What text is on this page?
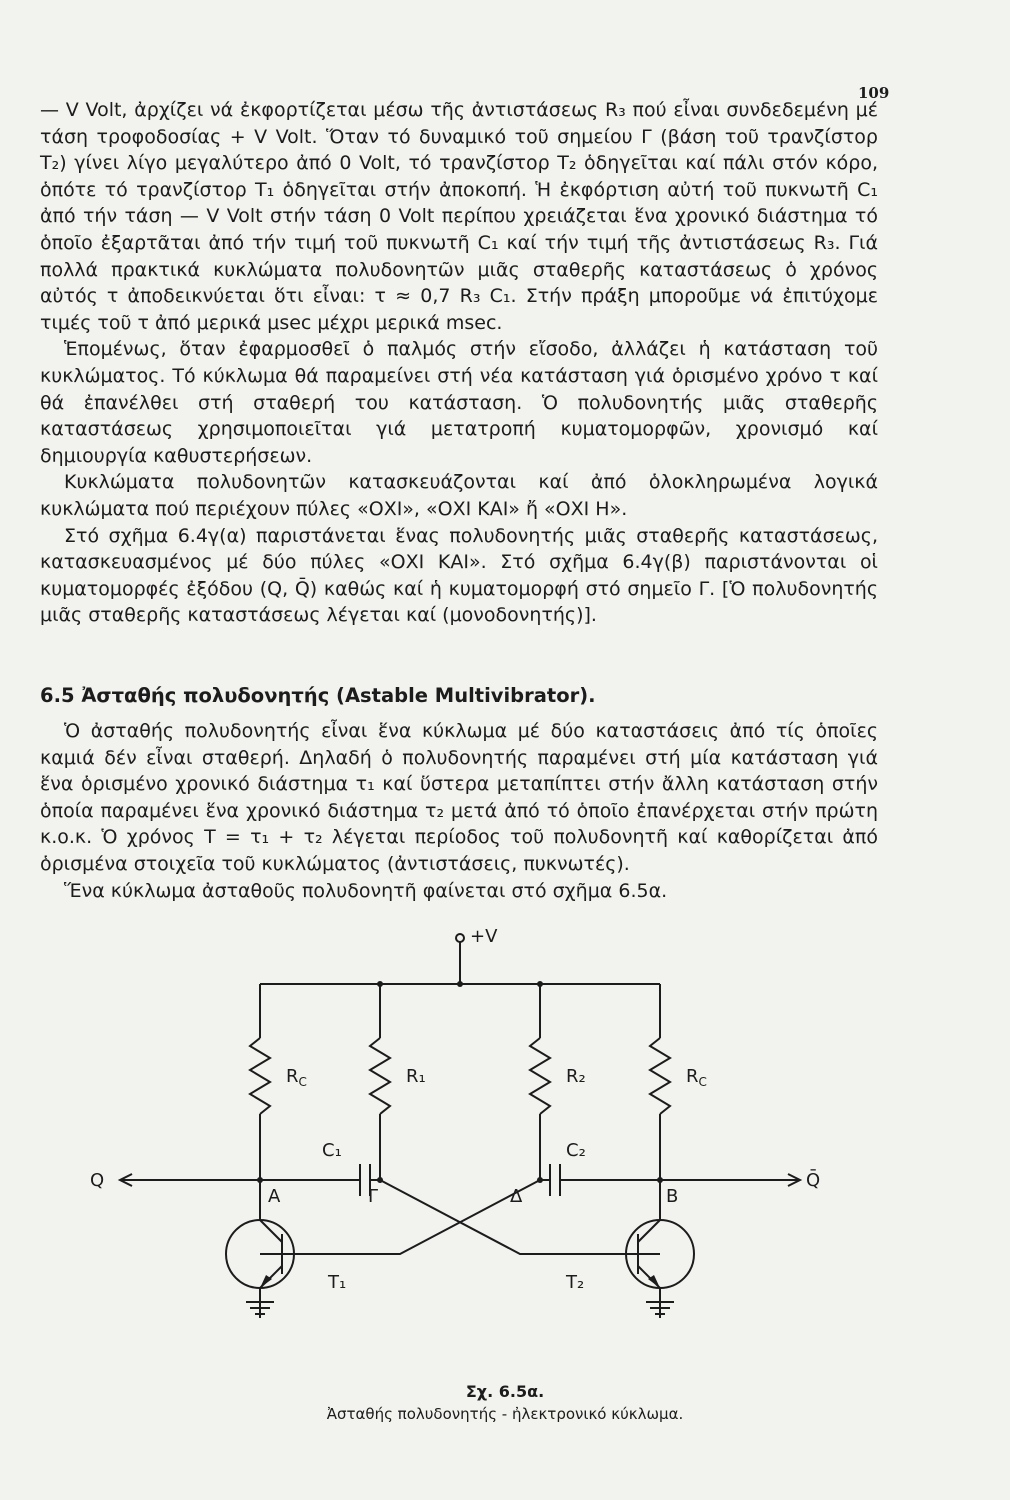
109

— V Volt, ἀρχίζει νά ἐκφορτίζεται μέσω τῆς ἀντιστάσεως R₃ πού εἶναι συνδεδεμένη μέ τάση τροφοδοσίας + V Volt. Ὅταν τό δυναμικό τοῦ σημείου Γ (βάση τοῦ τρανζίστορ T₂) γίνει λίγο μεγαλύτερο ἀπό 0 Volt, τό τρανζίστορ T₂ ὁδηγεῖται καί πάλι στόν κόρο, ὁπότε τό τρανζίστορ T₁ ὁδηγεῖται στήν ἀποκοπή. Ἡ ἐκφόρτιση αὐτή τοῦ πυκνωτῆ C₁ ἀπό τήν τάση — V Volt στήν τάση 0 Volt περίπου χρειάζεται ἕνα χρονικό διάστημα τό ὁποῖο ἐξαρτᾶται ἀπό τήν τιμή τοῦ πυκνωτῆ C₁ καί τήν τιμή τῆς ἀντιστάσεως R₃. Γιά πολλά πρακτικά κυκλώματα πολυδονητῶν μιᾶς σταθερῆς καταστάσεως ὁ χρόνος αὐτός τ ἀποδεικνύεται ὅτι εἶναι: τ ≈ 0,7 R₃ C₁. Στήν πράξη μποροῦμε νά ἐπιτύχομε τιμές τοῦ τ ἀπό μερικά μsec μέχρι μερικά msec.

Ἑπομένως, ὅταν ἐφαρμοσθεῖ ὁ παλμός στήν εἴσοδο, ἀλλάζει ἡ κατάσταση τοῦ κυκλώματος. Τό κύκλωμα θά παραμείνει στή νέα κατάσταση γιά ὁρισμένο χρόνο τ καί θά ἐπανέλθει στή σταθερή του κατάσταση. Ὁ πολυδονητής μιᾶς σταθερῆς καταστάσεως χρησιμοποιεῖται γιά μετατροπή κυματομορφῶν, χρονισμό καί δημιουργία καθυστερήσεων.

Κυκλώματα πολυδονητῶν κατασκευάζονται καί ἀπό ὁλοκληρωμένα λογικά κυκλώματα πού περιέχουν πύλες «ΟΧΙ», «ΟΧΙ ΚΑΙ» ἤ «ΟΧΙ Η».

Στό σχῆμα 6.4γ(α) παριστάνεται ἕνας πολυδονητής μιᾶς σταθερῆς καταστάσεως, κατασκευασμένος μέ δύο πύλες «ΟΧΙ ΚΑΙ». Στό σχῆμα 6.4γ(β) παριστάνονται οἱ κυματομορφές ἐξόδου (Q, Q̄) καθώς καί ἡ κυματομορφή στό σημεῖο Γ. [Ὁ πολυδονητής μιᾶς σταθερῆς καταστάσεως λέγεται καί (μονοδονητής)].

6.5 Ἀσταθής πολυδονητής (Astable Multivibrator).

Ὁ ἀσταθής πολυδονητής εἶναι ἕνα κύκλωμα μέ δύο καταστάσεις ἀπό τίς ὁποῖες καμιά δέν εἶναι σταθερή. Δηλαδή ὁ πολυδονητής παραμένει στή μία κατάσταση γιά ἕνα ὁρισμένο χρονικό διάστημα τ₁ καί ὕστερα μεταπίπτει στήν ἄλλη κατάσταση στήν ὁποία παραμένει ἕνα χρονικό διάστημα τ₂ μετά ἀπό τό ὁποῖο ἐπανέρχεται στήν πρώτη κ.ο.κ. Ὁ χρόνος T = τ₁ + τ₂ λέγεται περίοδος τοῦ πολυδονητῆ καί καθορίζεται ἀπό ὁρισμένα στοιχεῖα τοῦ κυκλώματος (ἀντιστάσεις, πυκνωτές).

Ἕνα κύκλωμα ἀσταθοῦς πολυδονητῆ φαίνεται στό σχῆμα 6.5α.

+V
$R_C$	R₁	R₂	$R_C$
C₁	C₂
Q	Q̄
A	Γ	Δ	B
T₁	T₂
Σχ. 6.5α.
Ἀσταθής πολυδονητής - ἠλεκτρονικό κύκλωμα.
